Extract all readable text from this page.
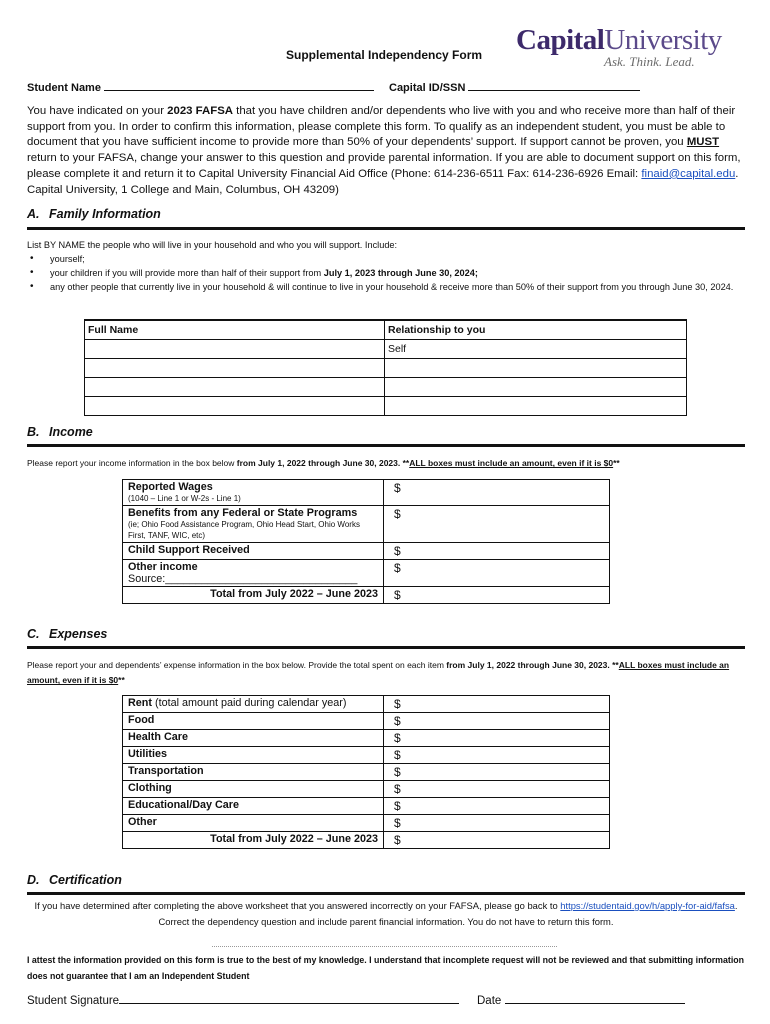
Supplemental Independency Form CapitalUniversity
Ask. Think. Lead.
Student Name	Capital ID/SSN
You have indicated on your 2023 FAFSA that you have children and/or dependents who live with you and who receive more than half of their support from you. In order to confirm this information, please complete this form. To qualify as an independent student, you must be able to document that you have sufficient income to provide more than 50% of your dependents’ support. If support cannot be proven, you MUST return to your FAFSA, change your answer to this question and provide parental information. If you are able to document support on this form, please complete it and return it to Capital University Financial Aid Office (Phone: 614-236-6511 Fax: 614-236-6926 Email: finaid@capital.edu. Capital University, 1 College and Main, Columbus, OH 43209)
A. Family Information
List BY NAME the people who will live in your household and who you will support. Include:
• yourself;
• your children if you will provide more than half of their support from July 1, 2023 through June 30, 2024;
• any other people that currently live in your household & will continue to live in your household & receive more than 50% of their support from you through June 30, 2024.
Full Name	Relationship to you
	Self

B. Income
Please report your income information in the box below from July 1, 2022 through June 30, 2023. **ALL boxes must include an amount, even if it is $0**
Reported Wages
(1040 – Line 1 or W-2s - Line 1)	$
Benefits from any Federal or State Programs
(ie; Ohio Food Assistance Program, Ohio Head Start, Ohio Works First, TANF, WIC, etc)	$
Child Support Received	$
Other income
Source:________________________________	$
Total from July 2022 – June 2023	$
C. Expenses
Please report your and dependents’ expense information in the box below. Provide the total spent on each item from July 1, 2022 through June 30, 2023. **ALL boxes must include an amount, even if it is $0**
Rent (total amount paid during calendar year)	$
Food	$
Health Care	$
Utilities	$
Transportation	$
Clothing	$
Educational/Day Care	$
Other	$
Total from July 2022 – June 2023	$
D. Certification
If you have determined after completing the above worksheet that you answered incorrectly on your FAFSA, please go back to https://studentaid.gov/h/apply-for-aid/fafsa. Correct the dependency question and include parent financial information. You do not have to return this form.
I attest the information provided on this form is true to the best of my knowledge. I understand that incomplete request will not be reviewed and that submitting information does not guarantee that I am an Independent Student
Student Signature	Date
